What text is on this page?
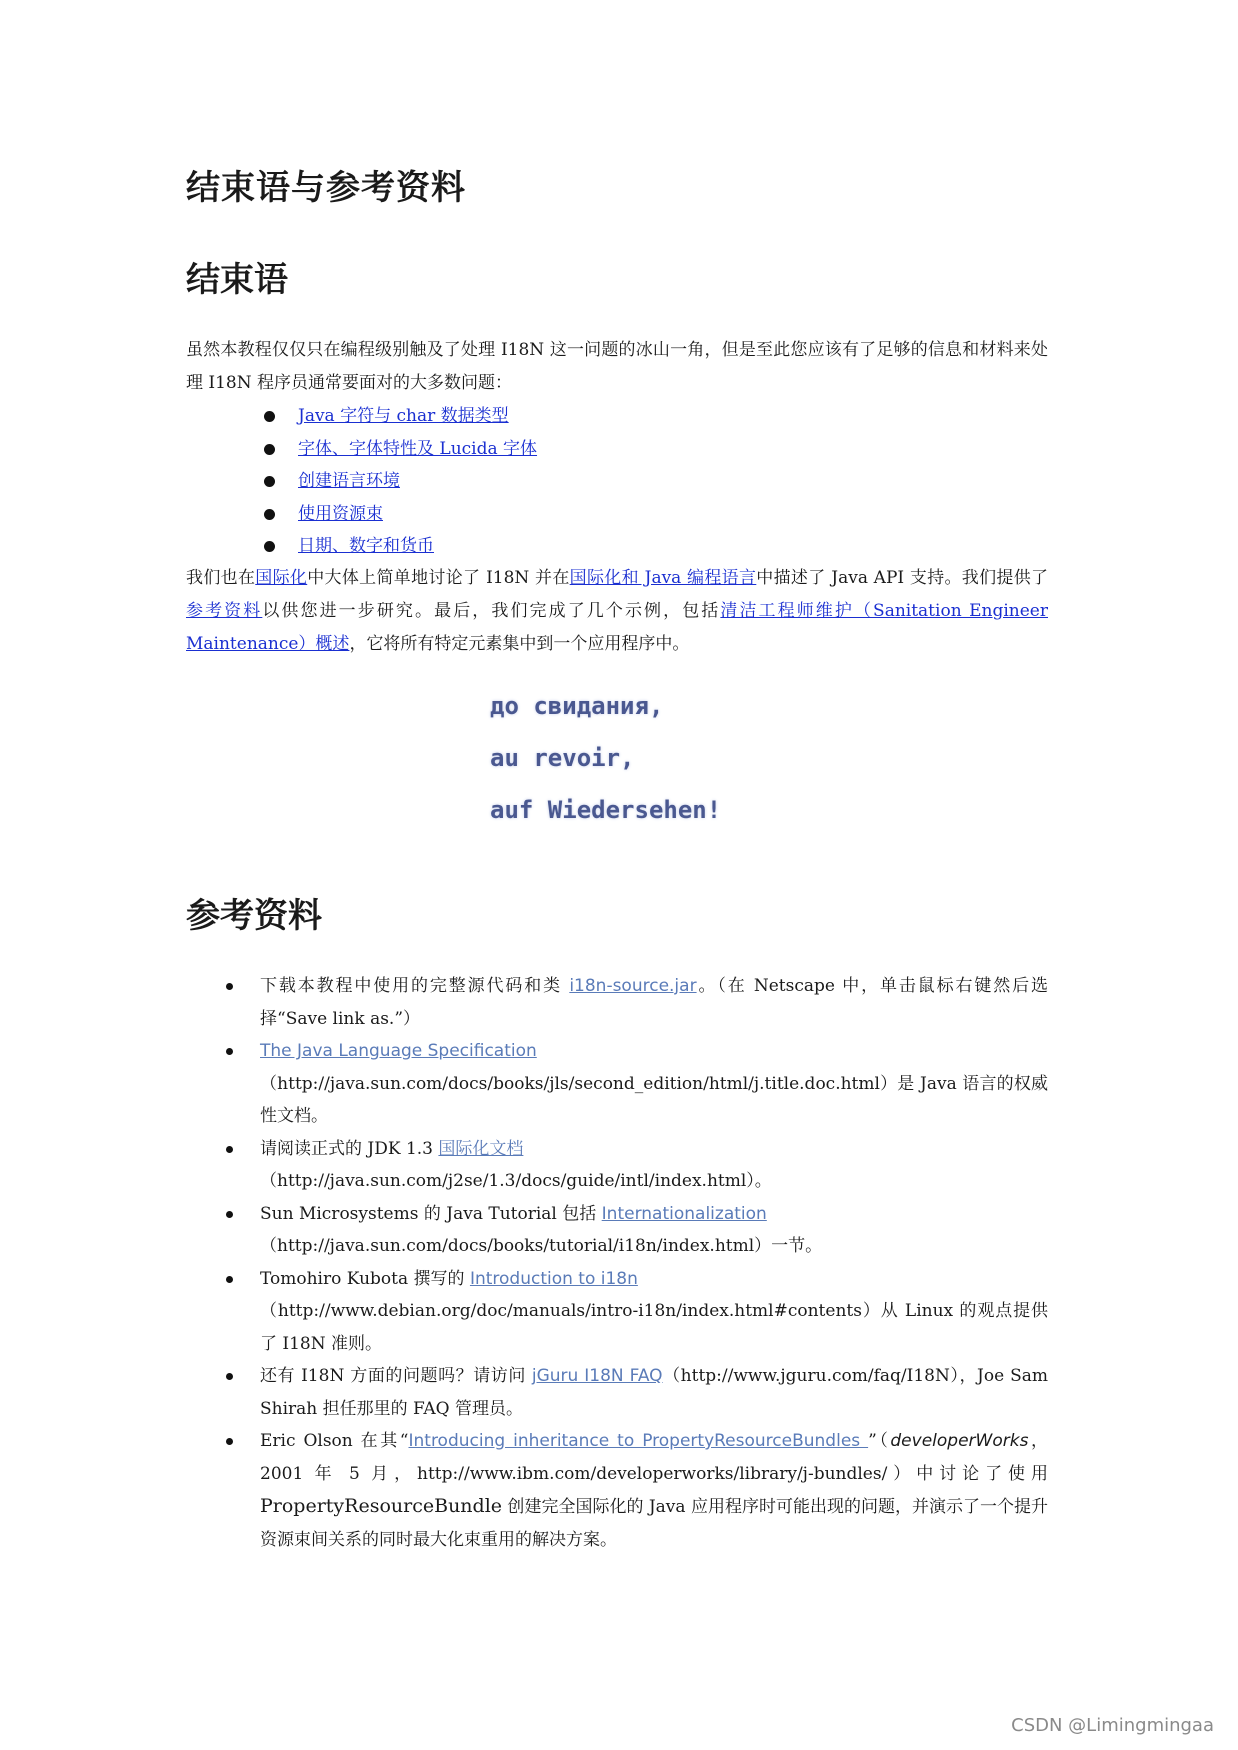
结束语与参考资料
结束语

虽然本教程仅仅只在编程级别触及了处理 I18N 这一问题的冰山一角，但是至此您应该有了足够的信息和材料来处理 I18N 程序员通常要面对的大多数问题：

Java 字符与 char 数据类型
字体、字体特性及 Lucida 字体
创建语言环境
使用资源束
日期、数字和货币

我们也在国际化中大体上简单地讨论了 I18N 并在国际化和 Java 编程语言中描述了 Java API 支持。我们提供了参考资料以供您进一步研究。最后，我们完成了几个示例，包括清洁工程师维护（Sanitation Engineer Maintenance）概述，它将所有特定元素集中到一个应用程序中。

до свидания,
au revoir,
auf Wiedersehen!
参考资料
下载本教程中使用的完整源代码和类 i18n-source.jar。（在 Netscape 中，单击鼠标右键然后选择“Save link as.”）
The Java Language Specification
（http://java.sun.com/docs/books/jls/second_edition/html/j.title.doc.html）是 Java 语言的权威性文档。
请阅读正式的 JDK 1.3 国际化文档
（http://java.sun.com/j2se/1.3/docs/guide/intl/index.html）。
Sun Microsystems 的 Java Tutorial 包括 Internationalization
（http://java.sun.com/docs/books/tutorial/i18n/index.html）一节。
Tomohiro Kubota 撰写的 Introduction to i18n
（http://www.debian.org/doc/manuals/intro-i18n/index.html#contents）从 Linux 的观点提供了 I18N 准则。
还有 I18N 方面的问题吗？请访问 jGuru I18N FAQ（http://www.jguru.com/faq/I18N），Joe Sam Shirah 担任那里的 FAQ 管理员。
Eric Olson 在其“Introducing inheritance to PropertyResourceBundles ”（developerWorks，2001 年 5 月，http://www.ibm.com/developerworks/library/j-bundles/）中讨论了使用 PropertyResourceBundle 创建完全国际化的 Java 应用程序时可能出现的问题，并演示了一个提升资源束间关系的同时最大化束重用的解决方案。
CSDN @Limingmingaa
